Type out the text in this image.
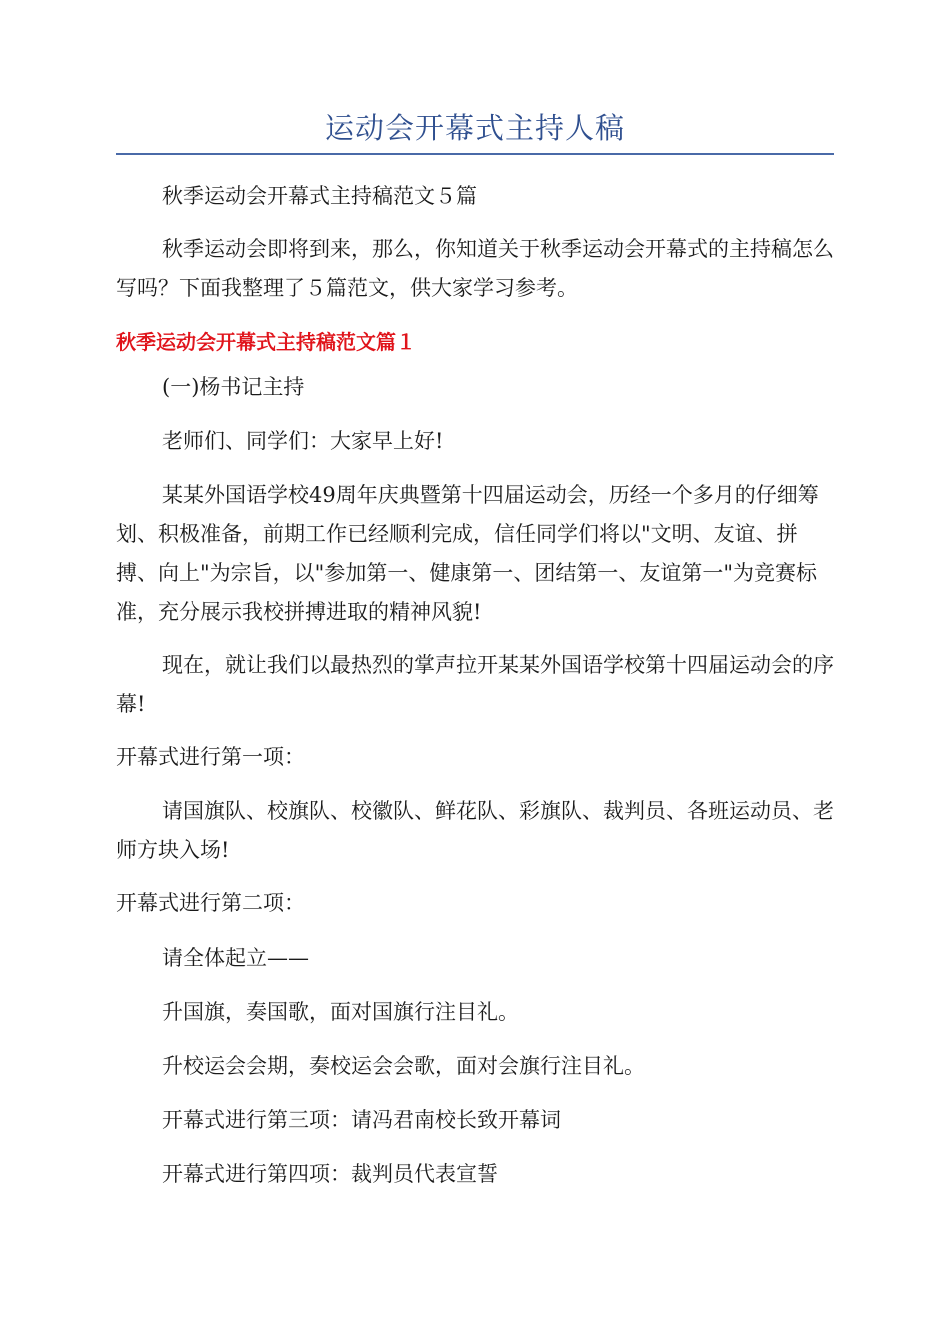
运动会开幕式主持人稿

秋季运动会开幕式主持稿范文５篇

秋季运动会即将到来，那么，你知道关于秋季运动会开幕式的主持稿怎么写吗？下面我整理了５篇范文，供大家学习参考。

秋季运动会开幕式主持稿范文篇１

(一)杨书记主持

老师们、同学们：大家早上好!

某某外国语学校49周年庆典暨第十四届运动会，历经一个多月的仔细筹划、积极准备，前期工作已经顺利完成，信任同学们将以"文明、友谊、拼搏、向上"为宗旨，以"参加第一、健康第一、团结第一、友谊第一"为竞赛标准，充分展示我校拼搏进取的精神风貌!

现在，就让我们以最热烈的掌声拉开某某外国语学校第十四届运动会的序幕!

开幕式进行第一项：

请国旗队、校旗队、校徽队、鲜花队、彩旗队、裁判员、各班运动员、老师方块入场!

开幕式进行第二项：

请全体起立——

升国旗，奏国歌，面对国旗行注目礼。

升校运会会期，奏校运会会歌，面对会旗行注目礼。

开幕式进行第三项：请冯君南校长致开幕词

开幕式进行第四项：裁判员代表宣誓
